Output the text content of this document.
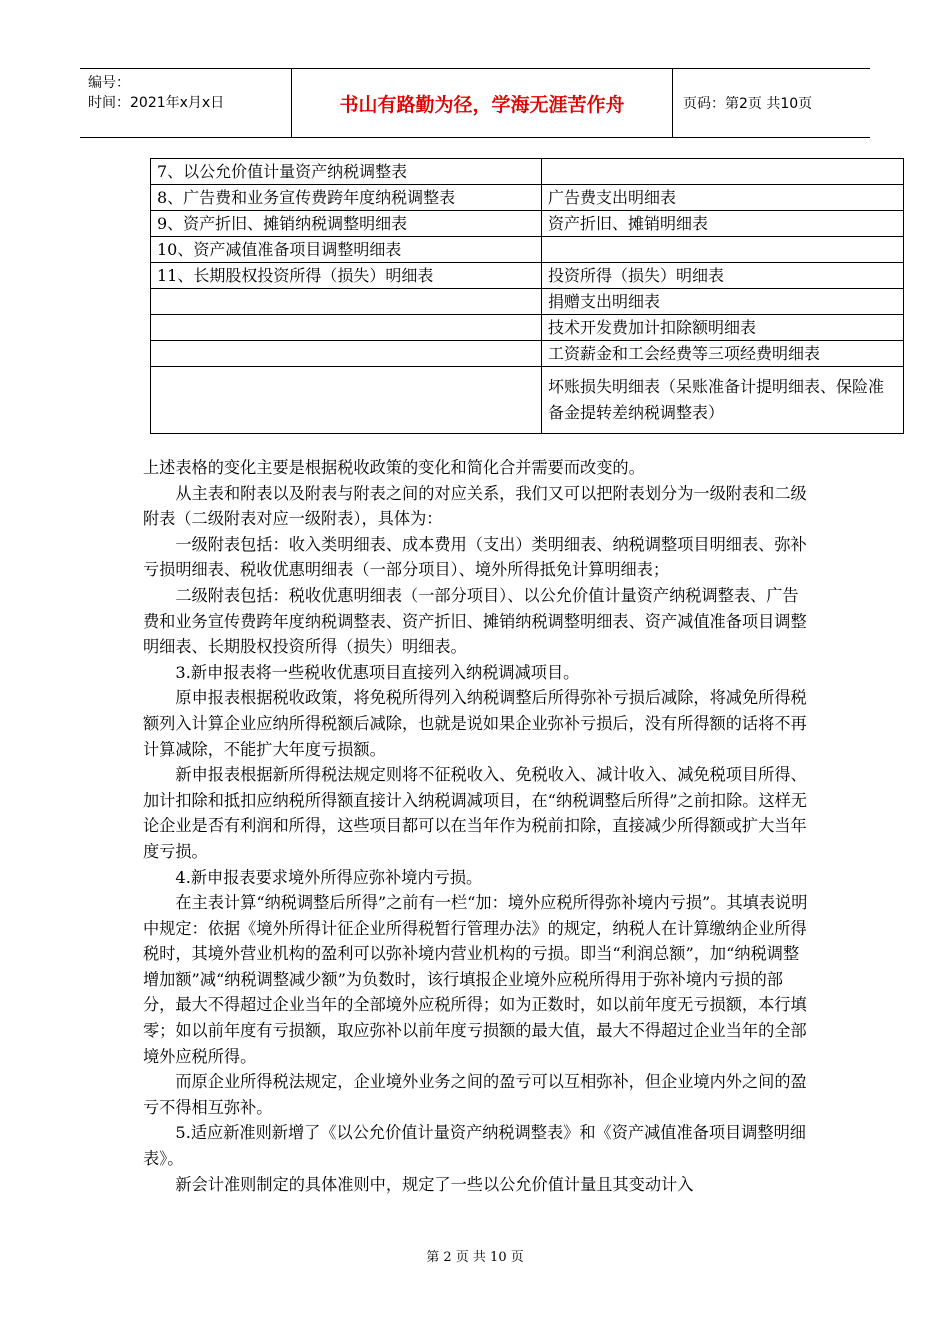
编号：
时间：2021年x月x日	书山有路勤为径，学海无涯苦作舟	页码：第2页 共10页
7、以公允价值计量资产纳税调整表	
8、广告费和业务宣传费跨年度纳税调整表	广告费支出明细表
9、资产折旧、摊销纳税调整明细表	资产折旧、摊销明细表
10、资产减值准备项目调整明细表	
11、长期股权投资所得（损失）明细表	投资所得（损失）明细表
	捐赠支出明细表
	技术开发费加计扣除额明细表
	工资薪金和工会经费等三项经费明细表
	坏账损失明细表（呆账准备计提明细表、保险准备金提转差纳税调整表）

上述表格的变化主要是根据税收政策的变化和简化合并需要而改变的。

从主表和附表以及附表与附表之间的对应关系，我们又可以把附表划分为一级附表和二级附表（二级附表对应一级附表），具体为：

一级附表包括：收入类明细表、成本费用（支出）类明细表、纳税调整项目明细表、弥补亏损明细表、税收优惠明细表（一部分项目）、境外所得抵免计算明细表；

二级附表包括：税收优惠明细表（一部分项目）、以公允价值计量资产纳税调整表、广告费和业务宣传费跨年度纳税调整表、资产折旧、摊销纳税调整明细表、资产减值准备项目调整明细表、长期股权投资所得（损失）明细表。

3.新申报表将一些税收优惠项目直接列入纳税调减项目。

原申报表根据税收政策，将免税所得列入纳税调整后所得弥补亏损后减除，将减免所得税额列入计算企业应纳所得税额后减除，也就是说如果企业弥补亏损后，没有所得额的话将不再计算减除，不能扩大年度亏损额。

新申报表根据新所得税法规定则将不征税收入、免税收入、减计收入、减免税项目所得、加计扣除和抵扣应纳税所得额直接计入纳税调减项目，在“纳税调整后所得”之前扣除。这样无论企业是否有利润和所得，这些项目都可以在当年作为税前扣除，直接减少所得额或扩大当年度亏损。

4.新申报表要求境外所得应弥补境内亏损。

在主表计算“纳税调整后所得”之前有一栏“加：境外应税所得弥补境内亏损”。其填表说明中规定：依据《境外所得计征企业所得税暂行管理办法》的规定，纳税人在计算缴纳企业所得税时，其境外营业机构的盈利可以弥补境内营业机构的亏损。即当“利润总额”，加“纳税调整增加额”减“纳税调整减少额”为负数时，该行填报企业境外应税所得用于弥补境内亏损的部分，最大不得超过企业当年的全部境外应税所得；如为正数时，如以前年度无亏损额，本行填零；如以前年度有亏损额，取应弥补以前年度亏损额的最大值，最大不得超过企业当年的全部境外应税所得。

而原企业所得税法规定，企业境外业务之间的盈亏可以互相弥补，但企业境内外之间的盈亏不得相互弥补。

5.适应新准则新增了《以公允价值计量资产纳税调整表》和《资产减值准备项目调整明细表》。

新会计准则制定的具体准则中，规定了一些以公允价值计量且其变动计入

第 2 页 共 10 页
